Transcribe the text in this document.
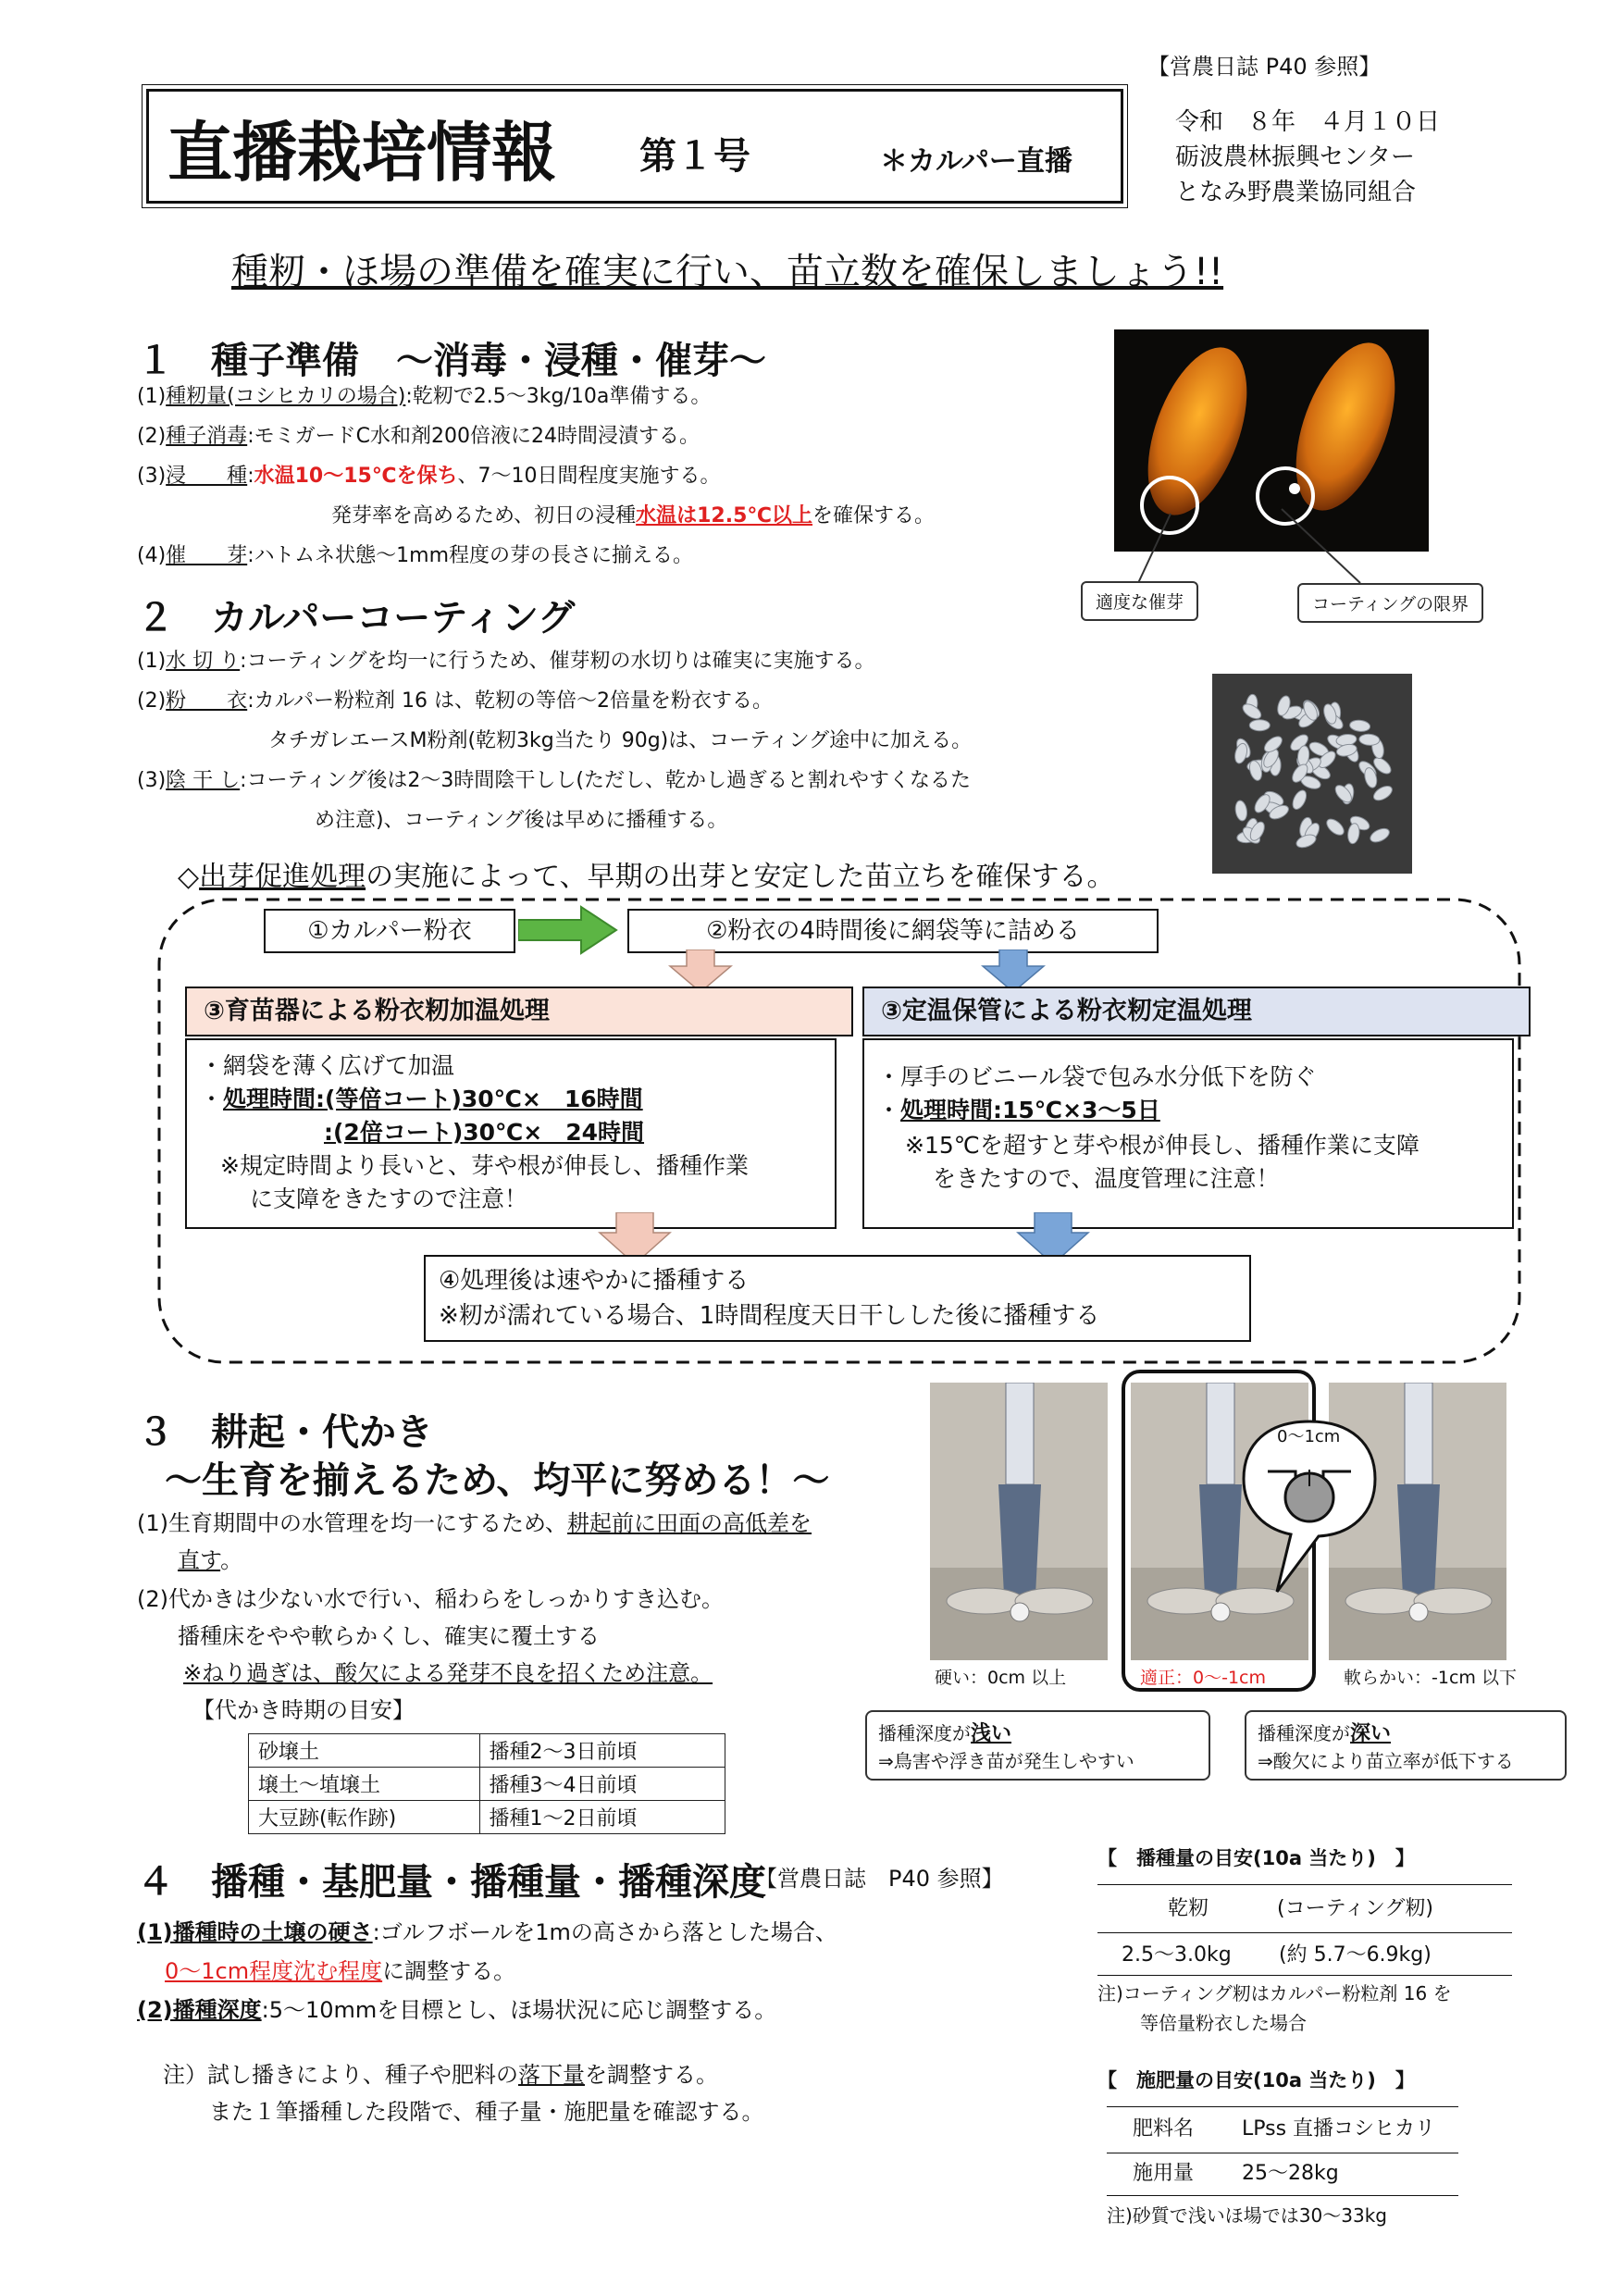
【営農日誌 P40 参照】
直播栽培情報 第１号	＊カルパー直播
令和　８年　４月１０日
砺波農林振興センター
となみ野農業協同組合
種籾・ほ場の準備を確実に行い、苗立数を確保しましょう!!
１　種子準備　～消毒・浸種・催芽～
(1)種籾量(コシヒカリの場合):乾籾で2.5～3kg/10a準備する。
(2)種子消毒:モミガードC水和剤200倍液に24時間浸漬する。
(3)浸　　種:水温10～15℃を保ち、7～10日間程度実施する。
発芽率を高めるため、初日の浸種水温は12.5℃以上を確保する。
(4)催　　芽:ハトムネ状態～1mm程度の芽の長さに揃える。
適度な催芽	コーティングの限界
２　カルパーコーティング
(1)水 切 り:コーティングを均一に行うため、催芽籾の水切りは確実に実施する。
(2)粉　　衣:カルパー粉粒剤 16 は、乾籾の等倍～2倍量を粉衣する。
タチガレエースM粉剤(乾籾3kg当たり 90g)は、コーティング途中に加える。
(3)陰 干 し:コーティング後は2～3時間陰干しし(ただし、乾かし過ぎると割れやすくなるた
め注意)、コーティング後は早めに播種する。
◇出芽促進処理の実施によって、早期の出芽と安定した苗立ちを確保する。
①カルパー粉衣	②粉衣の4時間後に網袋等に詰める
③育苗器による粉衣籾加温処理
・網袋を薄く広げて加温
・処理時間:(等倍コート)30℃×　16時間
:(2倍コート)30℃×　24時間
※規定時間より長いと、芽や根が伸長し、播種作業
に支障をきたすので注意！
③定温保管による粉衣籾定温処理
・厚手のビニール袋で包み水分低下を防ぐ
・処理時間:15℃×3～5日
※15℃を超すと芽や根が伸長し、播種作業に支障
をきたすので、温度管理に注意！
④処理後は速やかに播種する
※籾が濡れている場合、1時間程度天日干しした後に播種する
３　耕起・代かき
～生育を揃えるため、均平に努める！～
(1)生育期間中の水管理を均一にするため、耕起前に田面の高低差を
直す。
(2)代かきは少ない水で行い、稲わらをしっかりすき込む。
播種床をやや軟らかくし、確実に覆土する
※ねり過ぎは、酸欠による発芽不良を招くため注意。
【代かき時期の目安】
砂壌土	播種2～3日前頃
壌土～埴壌土	播種3～4日前頃
大豆跡(転作跡)	播種1～2日前頃
0～1cm
硬い：0cm 以上	適正：0～-1cm	軟らかい：-1cm 以下
播種深度が浅い
⇒鳥害や浮き苗が発生しやすい
播種深度が深い
⇒酸欠により苗立率が低下する
４　播種・基肥量・播種量・播種深度
【営農日誌　P40 参照】
(1)播種時の土壌の硬さ:ゴルフボールを1mの高さから落とした場合、
0～1cm程度沈む程度に調整する。
(2)播種深度:5～10mmを目標とし、ほ場状況に応じ調整する。
注）試し播きにより、種子や肥料の落下量を調整する。
また１筆播種した段階で、種子量・施肥量を確認する。
【　播種量の目安(10a 当たり)　】
乾籾	(コーティング籾)
2.5～3.0kg (約 5.7～6.9kg)
注)コーティング籾はカルパー粉粒剤 16 を
等倍量粉衣した場合
【　施肥量の目安(10a 当たり)　】
肥料名 LPss 直播コシヒカリ
施用量 25～28kg
注)砂質で浅いほ場では30～33kg
